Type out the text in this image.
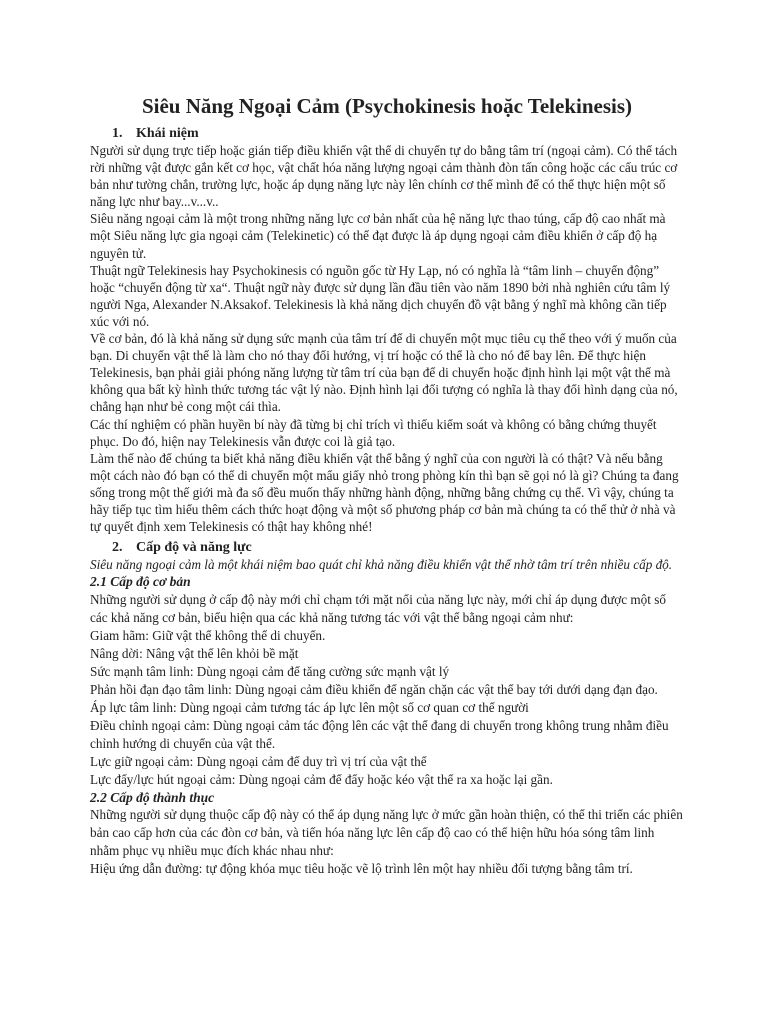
Siêu Năng Ngoại Cảm (Psychokinesis hoặc Telekinesis)
1. Khái niệm

Người sử dụng trực tiếp hoặc gián tiếp điều khiển vật thể di chuyển tự do bằng tâm trí (ngoại cảm). Có thể tách rời những vật được gắn kết cơ học, vật chất hóa năng lượng ngoại cảm thành đòn tấn công hoặc các cấu trúc cơ bản như tường chắn, trường lực, hoặc áp dụng năng lực này lên chính cơ thể mình để có thể thực hiện một số năng lực như bay...v...v..

Siêu năng ngoại cảm là một trong những năng lực cơ bản nhất của hệ năng lực thao túng, cấp độ cao nhất mà một Siêu năng lực gia ngoại cảm (Telekinetic) có thể đạt được là áp dụng ngoại cảm điều khiển ở cấp độ hạ nguyên tử.

Thuật ngữ Telekinesis hay Psychokinesis có nguồn gốc từ Hy Lạp, nó có nghĩa là “tâm linh – chuyển động” hoặc “chuyển động từ xa“. Thuật ngữ này được sử dụng lần đầu tiên vào năm 1890 bởi nhà nghiên cứu tâm lý người Nga, Alexander N.Aksakof. Telekinesis là khả năng dịch chuyển đồ vật bằng ý nghĩ mà không cần tiếp xúc với nó.

Về cơ bản, đó là khả năng sử dụng sức mạnh của tâm trí để di chuyển một mục tiêu cụ thể theo với ý muốn của bạn. Di chuyển vật thể là làm cho nó thay đổi hướng, vị trí hoặc có thể là cho nó để bay lên. Để thực hiện Telekinesis, bạn phải giải phóng năng lượng từ tâm trí của bạn để di chuyển hoặc định hình lại một vật thể mà không qua bất kỳ hình thức tương tác vật lý nào. Định hình lại đối tượng có nghĩa là thay đổi hình dạng của nó, chẳng hạn như bẻ cong một cái thìa.

Các thí nghiệm có phần huyền bí này đã từng bị chỉ trích vì thiếu kiểm soát và không có bằng chứng thuyết phục. Do đó, hiện nay Telekinesis vẫn được coi là giả tạo.

Làm thế nào để chúng ta biết khả năng điều khiển vật thể bằng ý nghĩ của con người là có thật? Và nếu bằng một cách nào đó bạn có thể di chuyển một mẩu giấy nhỏ trong phòng kín thì bạn sẽ gọi nó là gì? Chúng ta đang sống trong một thế giới mà đa số đều muốn thấy những hành động, những bằng chứng cụ thể. Vì vậy, chúng ta hãy tiếp tục tìm hiểu thêm cách thức hoạt động và một số phương pháp cơ bản mà chúng ta có thể thử ở nhà và tự quyết định xem Telekinesis có thật hay không nhé!

2. Cấp độ và năng lực

Siêu năng ngoại cảm là một khái niệm bao quát chỉ khả năng điều khiển vật thể nhờ tâm trí trên nhiều cấp độ.

2.1 Cấp độ cơ bản

Những người sử dụng ở cấp độ này mới chỉ chạm tới mặt nổi của năng lực này, mới chỉ áp dụng được một số các khả năng cơ bản, biểu hiện qua các khả năng tương tác với vật thể bằng ngoại cảm như:

Giam hãm: Giữ vật thể không thể di chuyển.

Nâng dời: Nâng vật thể lên khỏi bề mặt

Sức mạnh tâm linh: Dùng ngoại cảm để tăng cường sức mạnh vật lý

Phản hồi đạn đạo tâm linh: Dùng ngoại cảm điều khiển để ngăn chặn các vật thể bay tới dưới dạng đạn đạo.

Áp lực tâm linh: Dùng ngoại cảm tương tác áp lực lên một số cơ quan cơ thể người

Điều chỉnh ngoại cảm: Dùng ngoại cảm tác động lên các vật thể đang di chuyển trong không trung nhằm điều chỉnh hướng di chuyển của vật thể.

Lực giữ ngoại cảm: Dùng ngoại cảm để duy trì vị trí của vật thể

Lực đẩy/lực hút ngoại cảm: Dùng ngoại cảm để đẩy hoặc kéo vật thể ra xa hoặc lại gần.

2.2 Cấp độ thành thục

Những người sử dụng thuộc cấp độ này có thể áp dụng năng lực ở mức gần hoàn thiện, có thể thi triển các phiên bản cao cấp hơn của các đòn cơ bản, và tiến hóa năng lực lên cấp độ cao có thể hiện hữu hóa sóng tâm linh nhằm phục vụ nhiều mục đích khác nhau như:

Hiệu ứng dẫn đường: tự động khóa mục tiêu hoặc vẽ lộ trình lên một hay nhiều đối tượng bằng tâm trí.
